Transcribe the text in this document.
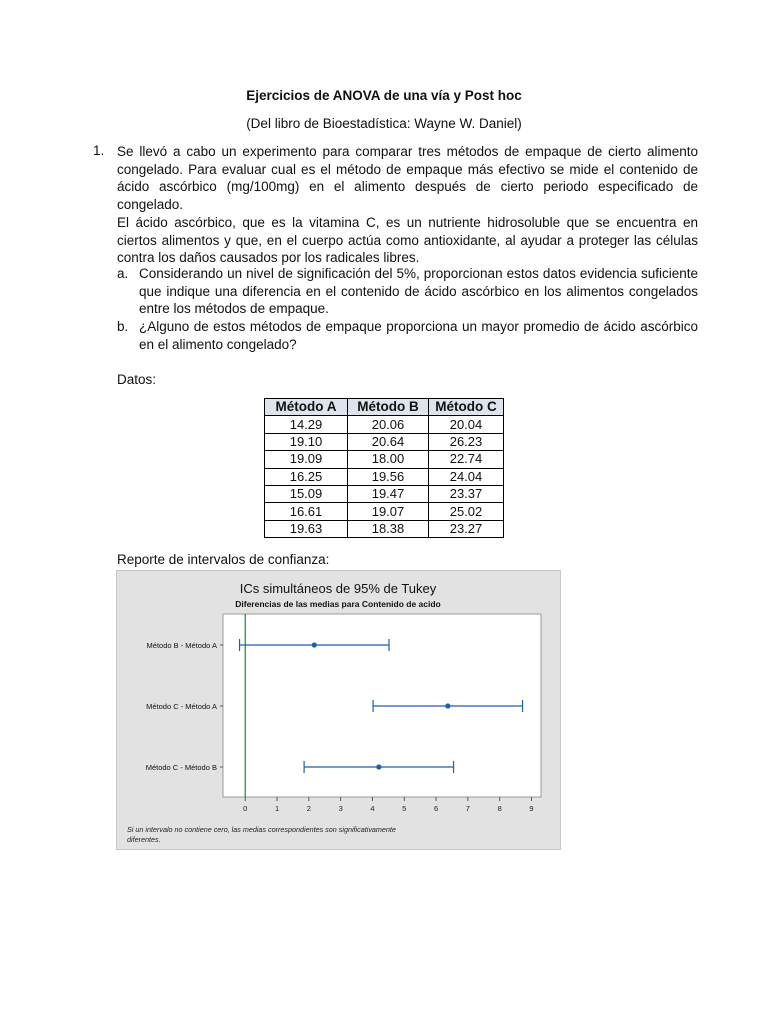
Ejercicios de ANOVA de una vía y Post hoc
(Del libro de Bioestadística: Wayne W. Daniel)
1. Se llevó a cabo un experimento para comparar tres métodos de empaque de cierto alimento congelado. Para evaluar cual es el método de empaque más efectivo se mide el contenido de ácido ascórbico (mg/100mg) en el alimento después de cierto periodo especificado de congelado.

El ácido ascórbico, que es la vitamina C, es un nutriente hidrosoluble que se encuentra en ciertos alimentos y que, en el cuerpo actúa como antioxidante, al ayudar a proteger las células contra los daños causados por los radicales libres.

a. Considerando un nivel de significación del 5%, proporcionan estos datos evidencia suficiente que indique una diferencia en el contenido de ácido ascórbico en los alimentos congelados entre los métodos de empaque.
b. ¿Alguno de estos métodos de empaque proporciona un mayor promedio de ácido ascórbico en el alimento congelado?
Datos:
Método A	Método B	Método C
14.29	20.06	20.04
19.10	20.64	26.23
19.09	18.00	22.74
16.25	19.56	24.04
15.09	19.47	23.37
16.61	19.07	25.02
19.63	18.38	23.27
Reporte de intervalos de confianza:
ICs simultáneos de 95% de Tukey
Diferencias de las medias para Contenido de acido
0	1	2	3	4	5	6	7	8	9
Método B - Método A
Método C - Método A
Método C - Método B
Si un intervalo no contiene cero, las medias correspondientes son significativamente diferentes.
